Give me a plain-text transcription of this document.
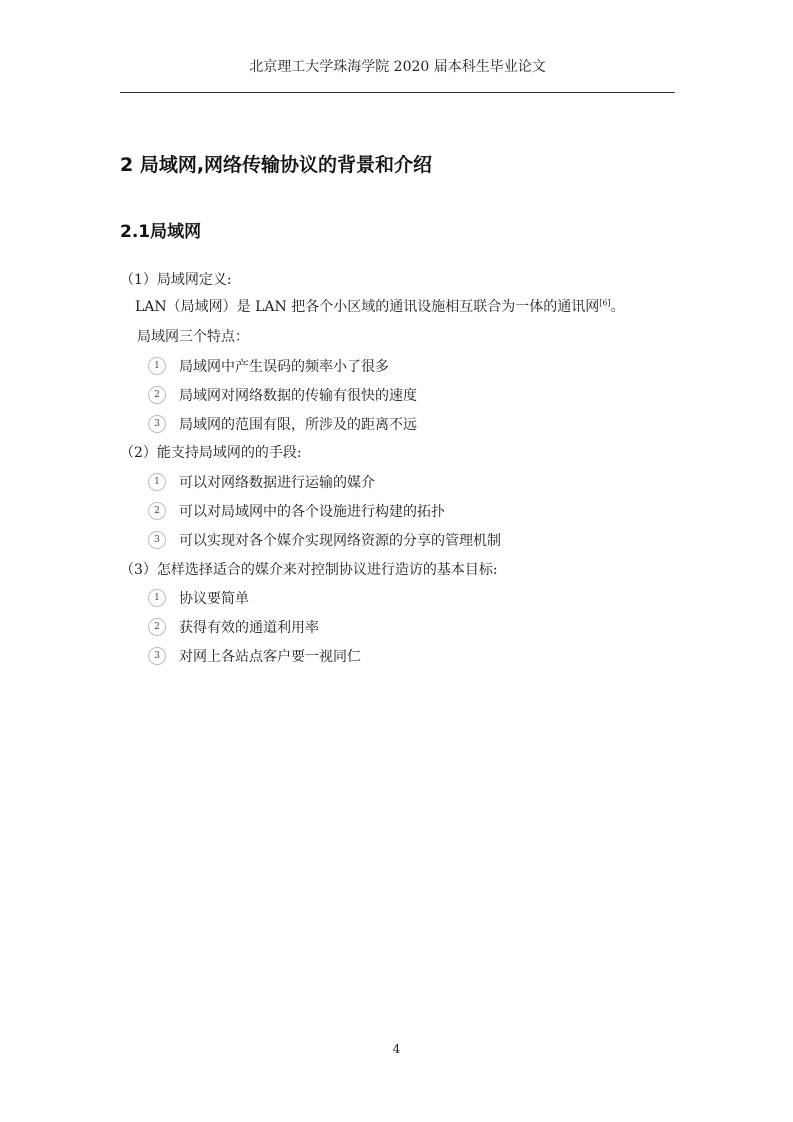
北京理工大学珠海学院 2020 届本科生毕业论文
2 局域网,网络传输协议的背景和介绍
2.1局域网
（1）局域网定义:
LAN（局域网）是 LAN 把各个小区域的通讯设施相互联合为一体的通讯网[6]。
局域网三个特点：
1 局域网中产生误码的频率小了很多
2 局域网对网络数据的传输有很快的速度
3 局域网的范围有限，所涉及的距离不远
（2）能支持局域网的的手段:
1 可以对网络数据进行运输的媒介
2 可以对局域网中的各个设施进行构建的拓扑
3 可以实现对各个媒介实现网络资源的分享的管理机制
（3）怎样选择适合的媒介来对控制协议进行造访的基本目标:
1 协议要简单
2 获得有效的通道利用率
3 对网上各站点客户要一视同仁
4
